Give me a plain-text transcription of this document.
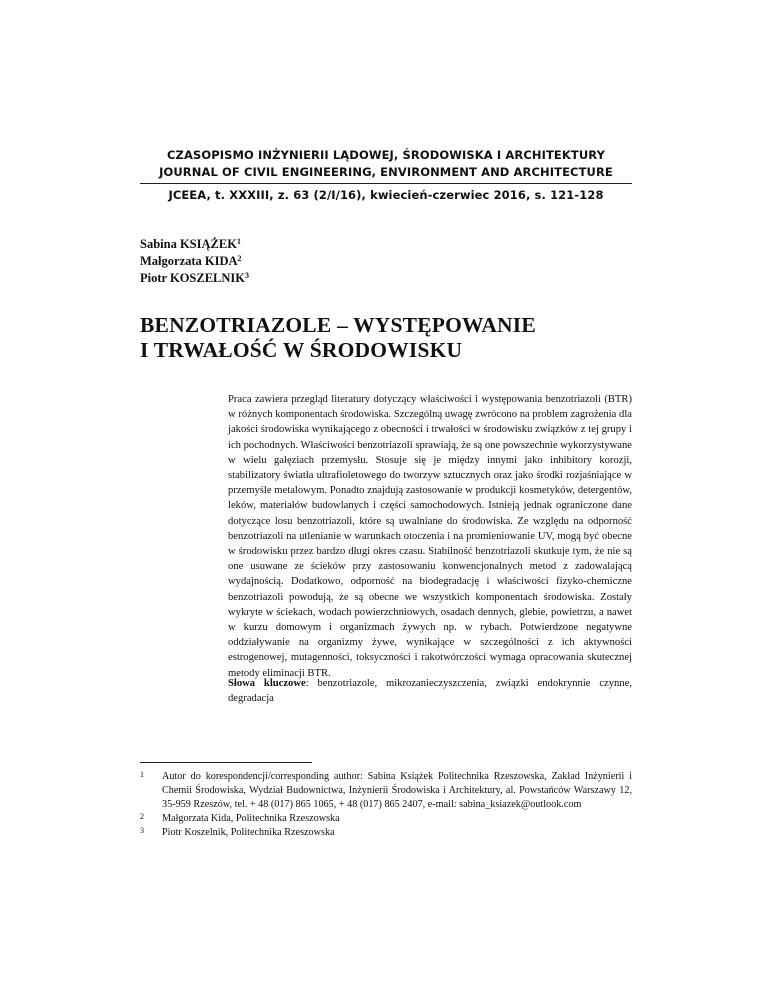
CZASOPISMO INŻYNIERII LĄDOWEJ, ŚRODOWISKA I ARCHITEKTURY
JOURNAL OF CIVIL ENGINEERING, ENVIRONMENT AND ARCHITECTURE
JCEEA, t. XXXIII, z. 63 (2/I/16), kwiecień-czerwiec 2016, s. 121-128
Sabina KSIĄŻEK$^1$
Małgorzata KIDA$^2$
Piotr KOSZELNIK$^3$
BENZOTRIAZOLE – WYSTĘPOWANIE
I TRWAŁOŚĆ W ŚRODOWISKU

Praca zawiera przegląd literatury dotyczący właściwości i występowania benzotriazoli (BTR) w różnych komponentach środowiska. Szczególną uwagę zwrócono na problem zagrożenia dla jakości środowiska wynikającego z obecności i trwałości w środowisku związków z tej grupy i ich pochodnych. Właściwości benzotriazoli sprawiają, że są one powszechnie wykorzystywane w wielu gałęziach przemysłu. Stosuje się je między innymi jako inhibitory korozji, stabilizatory światła ultrafioletowego do tworzyw sztucznych oraz jako środki rozjaśniające w przemyśle metalowym. Ponadto znajdują zastosowanie w produkcji kosmetyków, detergentów, leków, materiałów budowlanych i części samochodowych. Istnieją jednak ograniczone dane dotyczące losu benzotriazoli, które są uwalniane do środowiska. Ze względu na odporność benzotriazoli na utlenianie w warunkach otoczenia i na promieniowanie UV, mogą być obecne w środowisku przez bardzo długi okres czasu. Stabilność benzotriazoli skutkuje tym, że nie są one usuwane ze ścieków przy zastosowaniu konwencjonalnych metod z zadowalającą wydajnością. Dodatkowo, odporność na biodegradację i właściwości fizyko-chemiczne benzotriazoli powodują, że są obecne we wszystkich komponentach środowiska. Zostały wykryte w ściekach, wodach powierzchniowych, osadach dennych, glebie, powietrzu, a nawet w kurzu domowym i organizmach żywych np. w rybach. Potwierdzone negatywne oddziaływanie na organizmy żywe, wynikające w szczególności z ich aktywności estrogenowej, mutagenności, toksyczności i rakotwórczości wymaga opracowania skutecznej metody eliminacji BTR.

Słowa kluczowe: benzotriazole, mikrozanieczyszczenia, związki endokrynnie czynne, degradacja

1 Autor do korespondencji/corresponding author: Sabina Książek Politechnika Rzeszowska, Zakład Inżynierii i Chemii Środowiska, Wydział Budownictwa, Inżynierii Środowiska i Architektury, al. Powstańców Warszawy 12, 35-959 Rzeszów, tel. + 48 (017) 865 1065, + 48 (017) 865 2407, e-mail: sabina_ksiazek@outlook.com
2 Małgorzata Kida, Politechnika Rzeszowska
3 Piotr Koszelnik, Politechnika Rzeszowska
